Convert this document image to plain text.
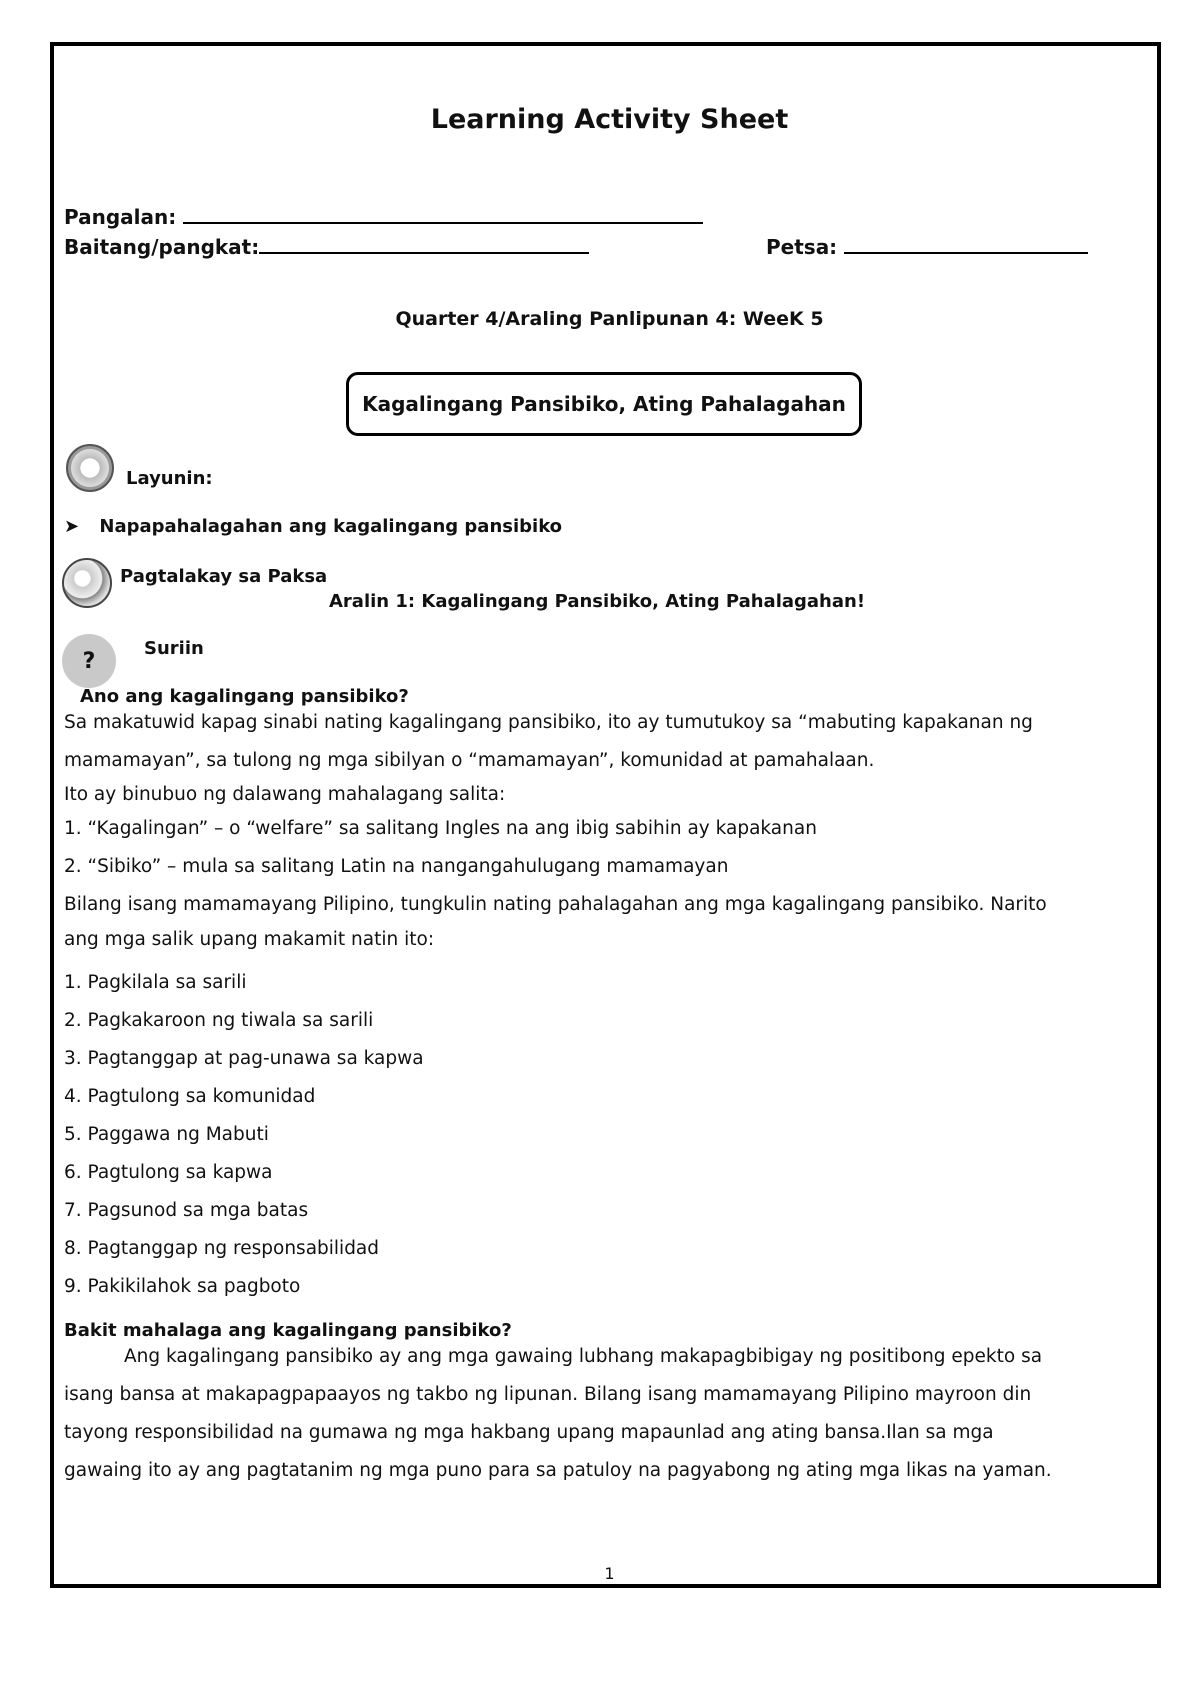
Learning Activity Sheet
Pangalan:
Baitang/pangkat:	Petsa:
Quarter 4/Araling Panlipunan 4: WeeK 5
Kagalingang Pansibiko, Ating Pahalagahan
Layunin:
➤ Napapahalagahan ang kagalingang pansibiko
Pagtalakay sa Paksa
Aralin 1: Kagalingang Pansibiko, Ating Pahalagahan!
?	Suriin
Ano ang kagalingang pansibiko?
Sa makatuwid kapag sinabi nating kagalingang pansibiko, ito ay tumutukoy sa “mabuting kapakanan ng
mamamayan”, sa tulong ng mga sibilyan o “mamamayan”, komunidad at pamahalaan.
Ito ay binubuo ng dalawang mahalagang salita:
1. “Kagalingan” – o “welfare” sa salitang Ingles na ang ibig sabihin ay kapakanan
2. “Sibiko” – mula sa salitang Latin na nangangahulugang mamamayan
Bilang isang mamamayang Pilipino, tungkulin nating pahalagahan ang mga kagalingang pansibiko. Narito
ang mga salik upang makamit natin ito:
1. Pagkilala sa sarili
2. Pagkakaroon ng tiwala sa sarili
3. Pagtanggap at pag-unawa sa kapwa
4. Pagtulong sa komunidad
5. Paggawa ng Mabuti
6. Pagtulong sa kapwa
7. Pagsunod sa mga batas
8. Pagtanggap ng responsabilidad
9. Pakikilahok sa pagboto
Bakit mahalaga ang kagalingang pansibiko?
Ang kagalingang pansibiko ay ang mga gawaing lubhang makapagbibigay ng positibong epekto sa
isang bansa at makapagpapaayos ng takbo ng lipunan. Bilang isang mamamayang Pilipino mayroon din
tayong responsibilidad na gumawa ng mga hakbang upang mapaunlad ang ating bansa.Ilan sa mga
gawaing ito ay ang pagtatanim ng mga puno para sa patuloy na pagyabong ng ating mga likas na yaman.
1
